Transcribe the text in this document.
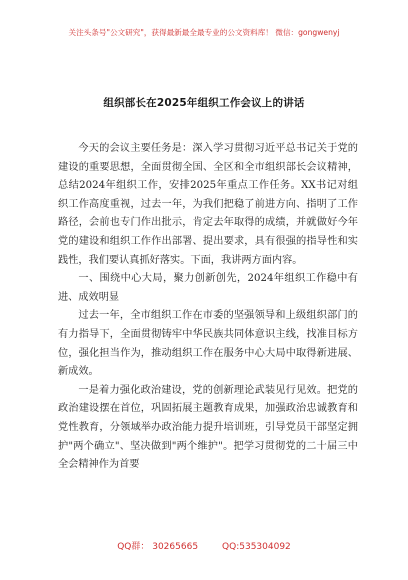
关注头条号"公文研究"，获得最新最全最专业的公文资料库！ 微信：gongwenyj
组织部长在2025年组织工作会议上的讲话

今天的会议主要任务是：深入学习贯彻习近平总书记关于党的建设的重要思想，全面贯彻全国、全区和全市组织部长会议精神，总结2024年组织工作，安排2025年重点工作任务。XX书记对组织工作高度重视，过去一年，为我们把稳了前进方向、指明了工作路径，会前也专门作出批示，肯定去年取得的成绩，并就做好今年党的建设和组织工作作出部署、提出要求，具有很强的指导性和实践性，我们要认真抓好落实。下面，我讲两方面内容。

一、围绕中心大局，聚力创新创先，2024年组织工作稳中有进、成效明显

过去一年，全市组织工作在市委的坚强领导和上级组织部门的有力指导下，全面贯彻铸牢中华民族共同体意识主线，找准目标方位，强化担当作为，推动组织工作在服务中心大局中取得新进展、新成效。

一是着力强化政治建设，党的创新理论武装见行见效。把党的政治建设摆在首位，巩固拓展主题教育成果，加强政治忠诚教育和党性教育，分领域举办政治能力提升培训班，引导党员干部坚定拥护"两个确立"、坚决做到"两个维护"。把学习贯彻党的二十届三中全会精神作为首要

QQ群： 30265665	QQ:535304092
